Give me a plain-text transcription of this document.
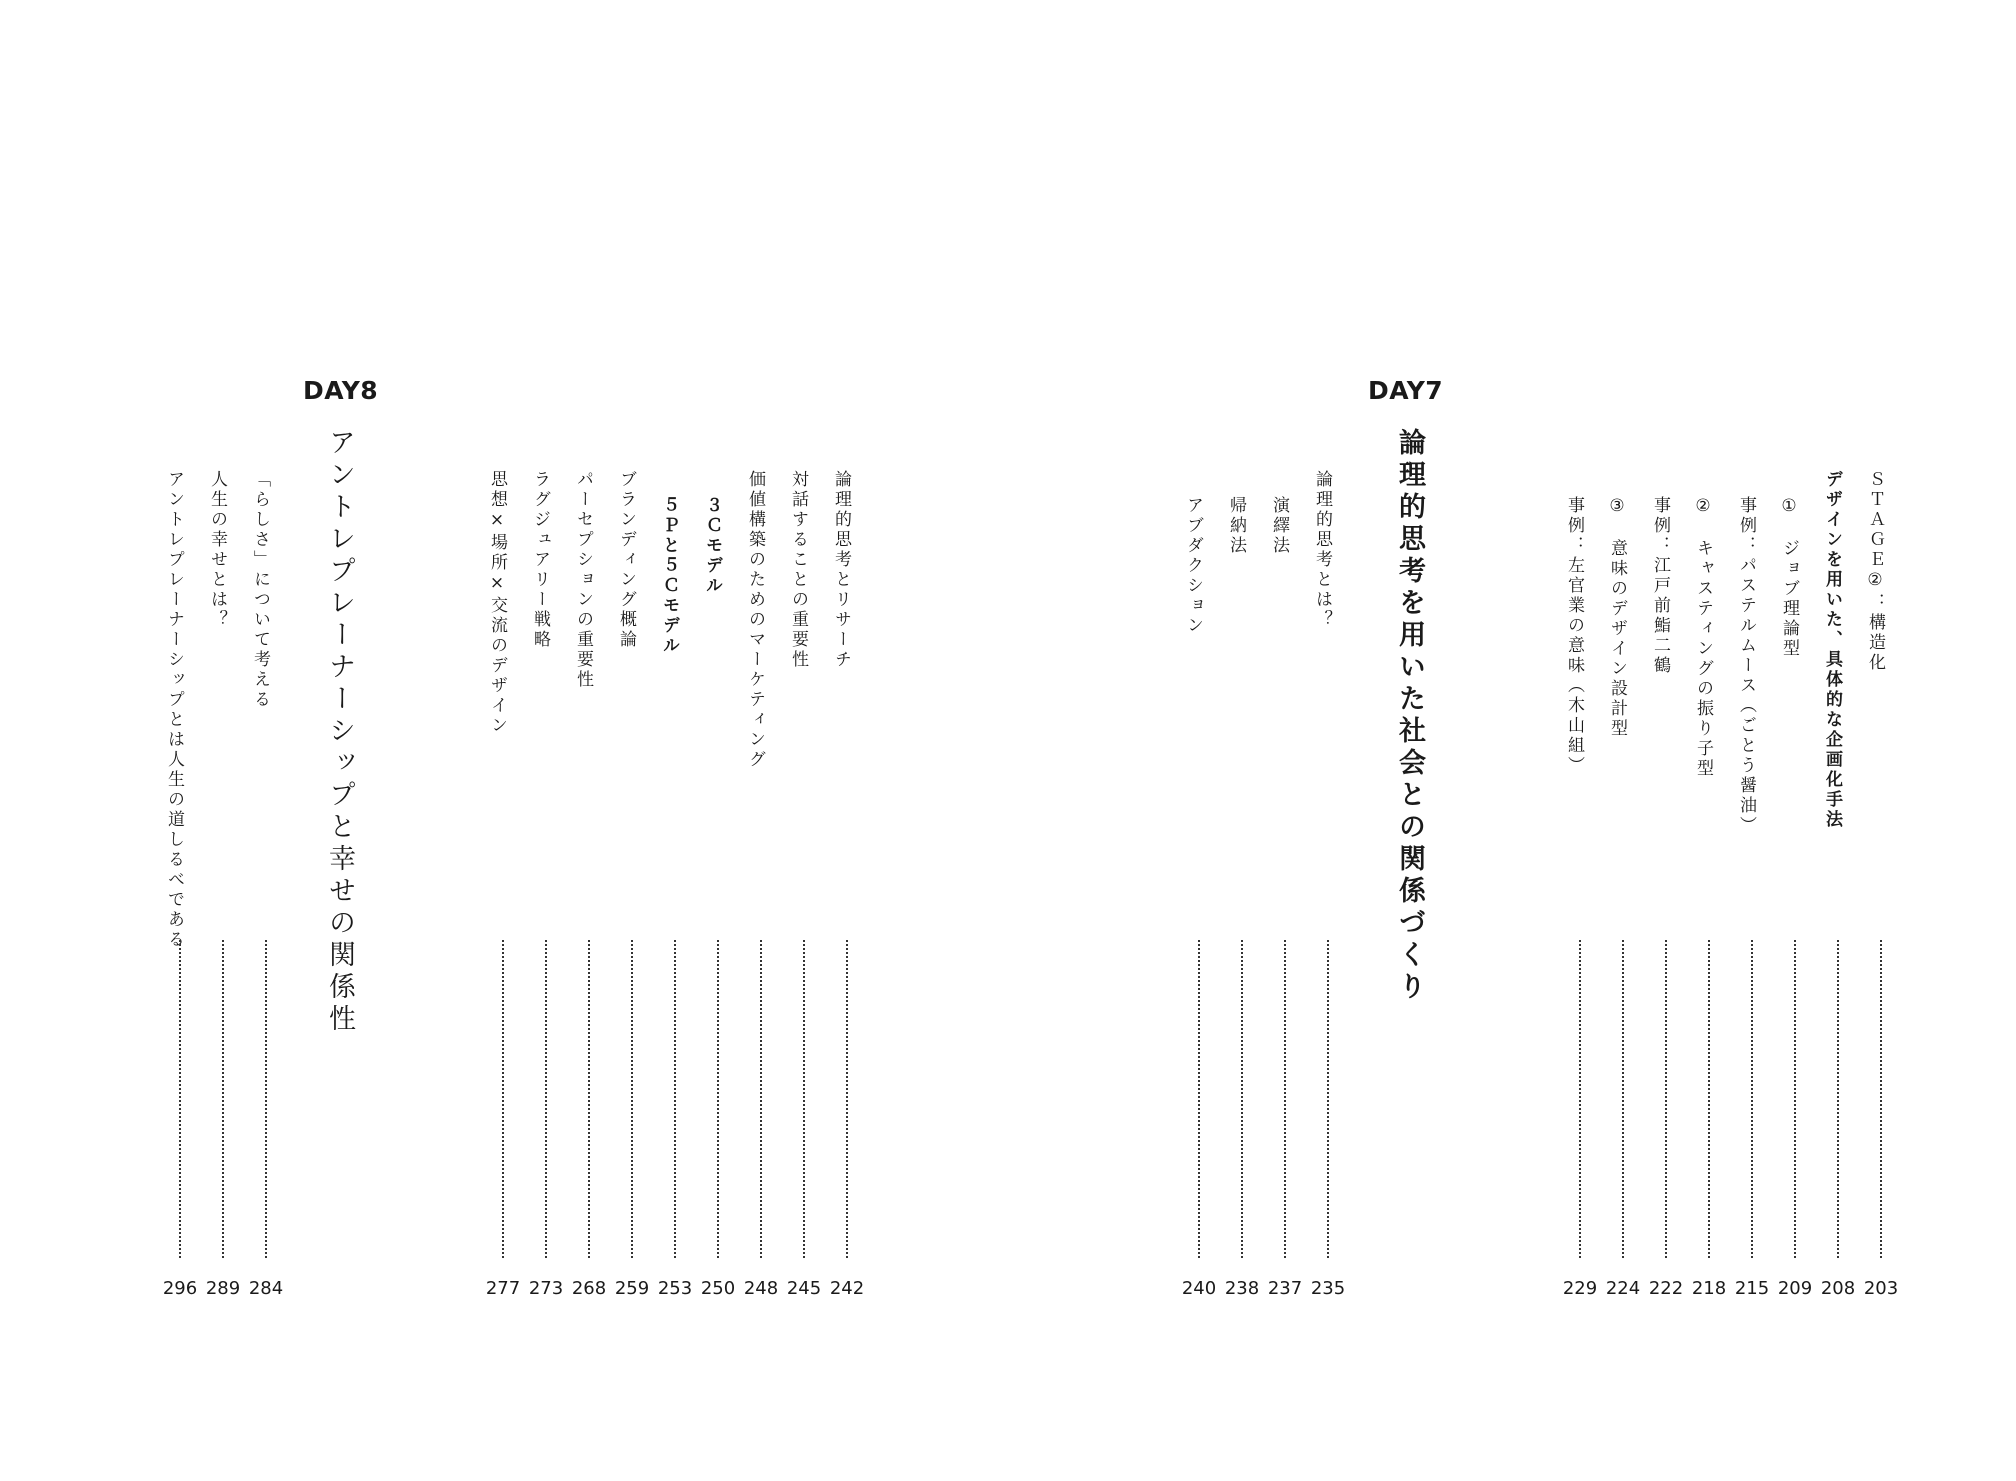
DAY7
論理的思考を用いた社会との関係づくり	ＳＴＡＧＥ②：構造化
203
デザインを用いた、具体的な企画化手法
208
①　ジョブ理論型
209
事例：パステルムース（ごとう醤油）
215
②　キャスティングの振り子型
218
事例：江戸前鮨二鶴
222
③　意味のデザイン設計型
224
事例：左官業の意味（木山組）
229
論理的思考とは？
235
演繹法
237
帰納法
238
アブダクション
240
論理的思考とリサーチ
242
対話することの重要性
245
価値構築のためのマーケティング
248
３Ｃモデル
250
５Ｐと５Ｃモデル
253
ブランディング概論
259
パーセプションの重要性
268
ラグジュアリー戦略
273
思想×場所×交流のデザイン
277
DAY8
アントレプレーナーシップと幸せの関係性
「らしさ」について考える
284
人生の幸せとは？
289
アントレプレーナーシップとは人生の道しるべである
296
